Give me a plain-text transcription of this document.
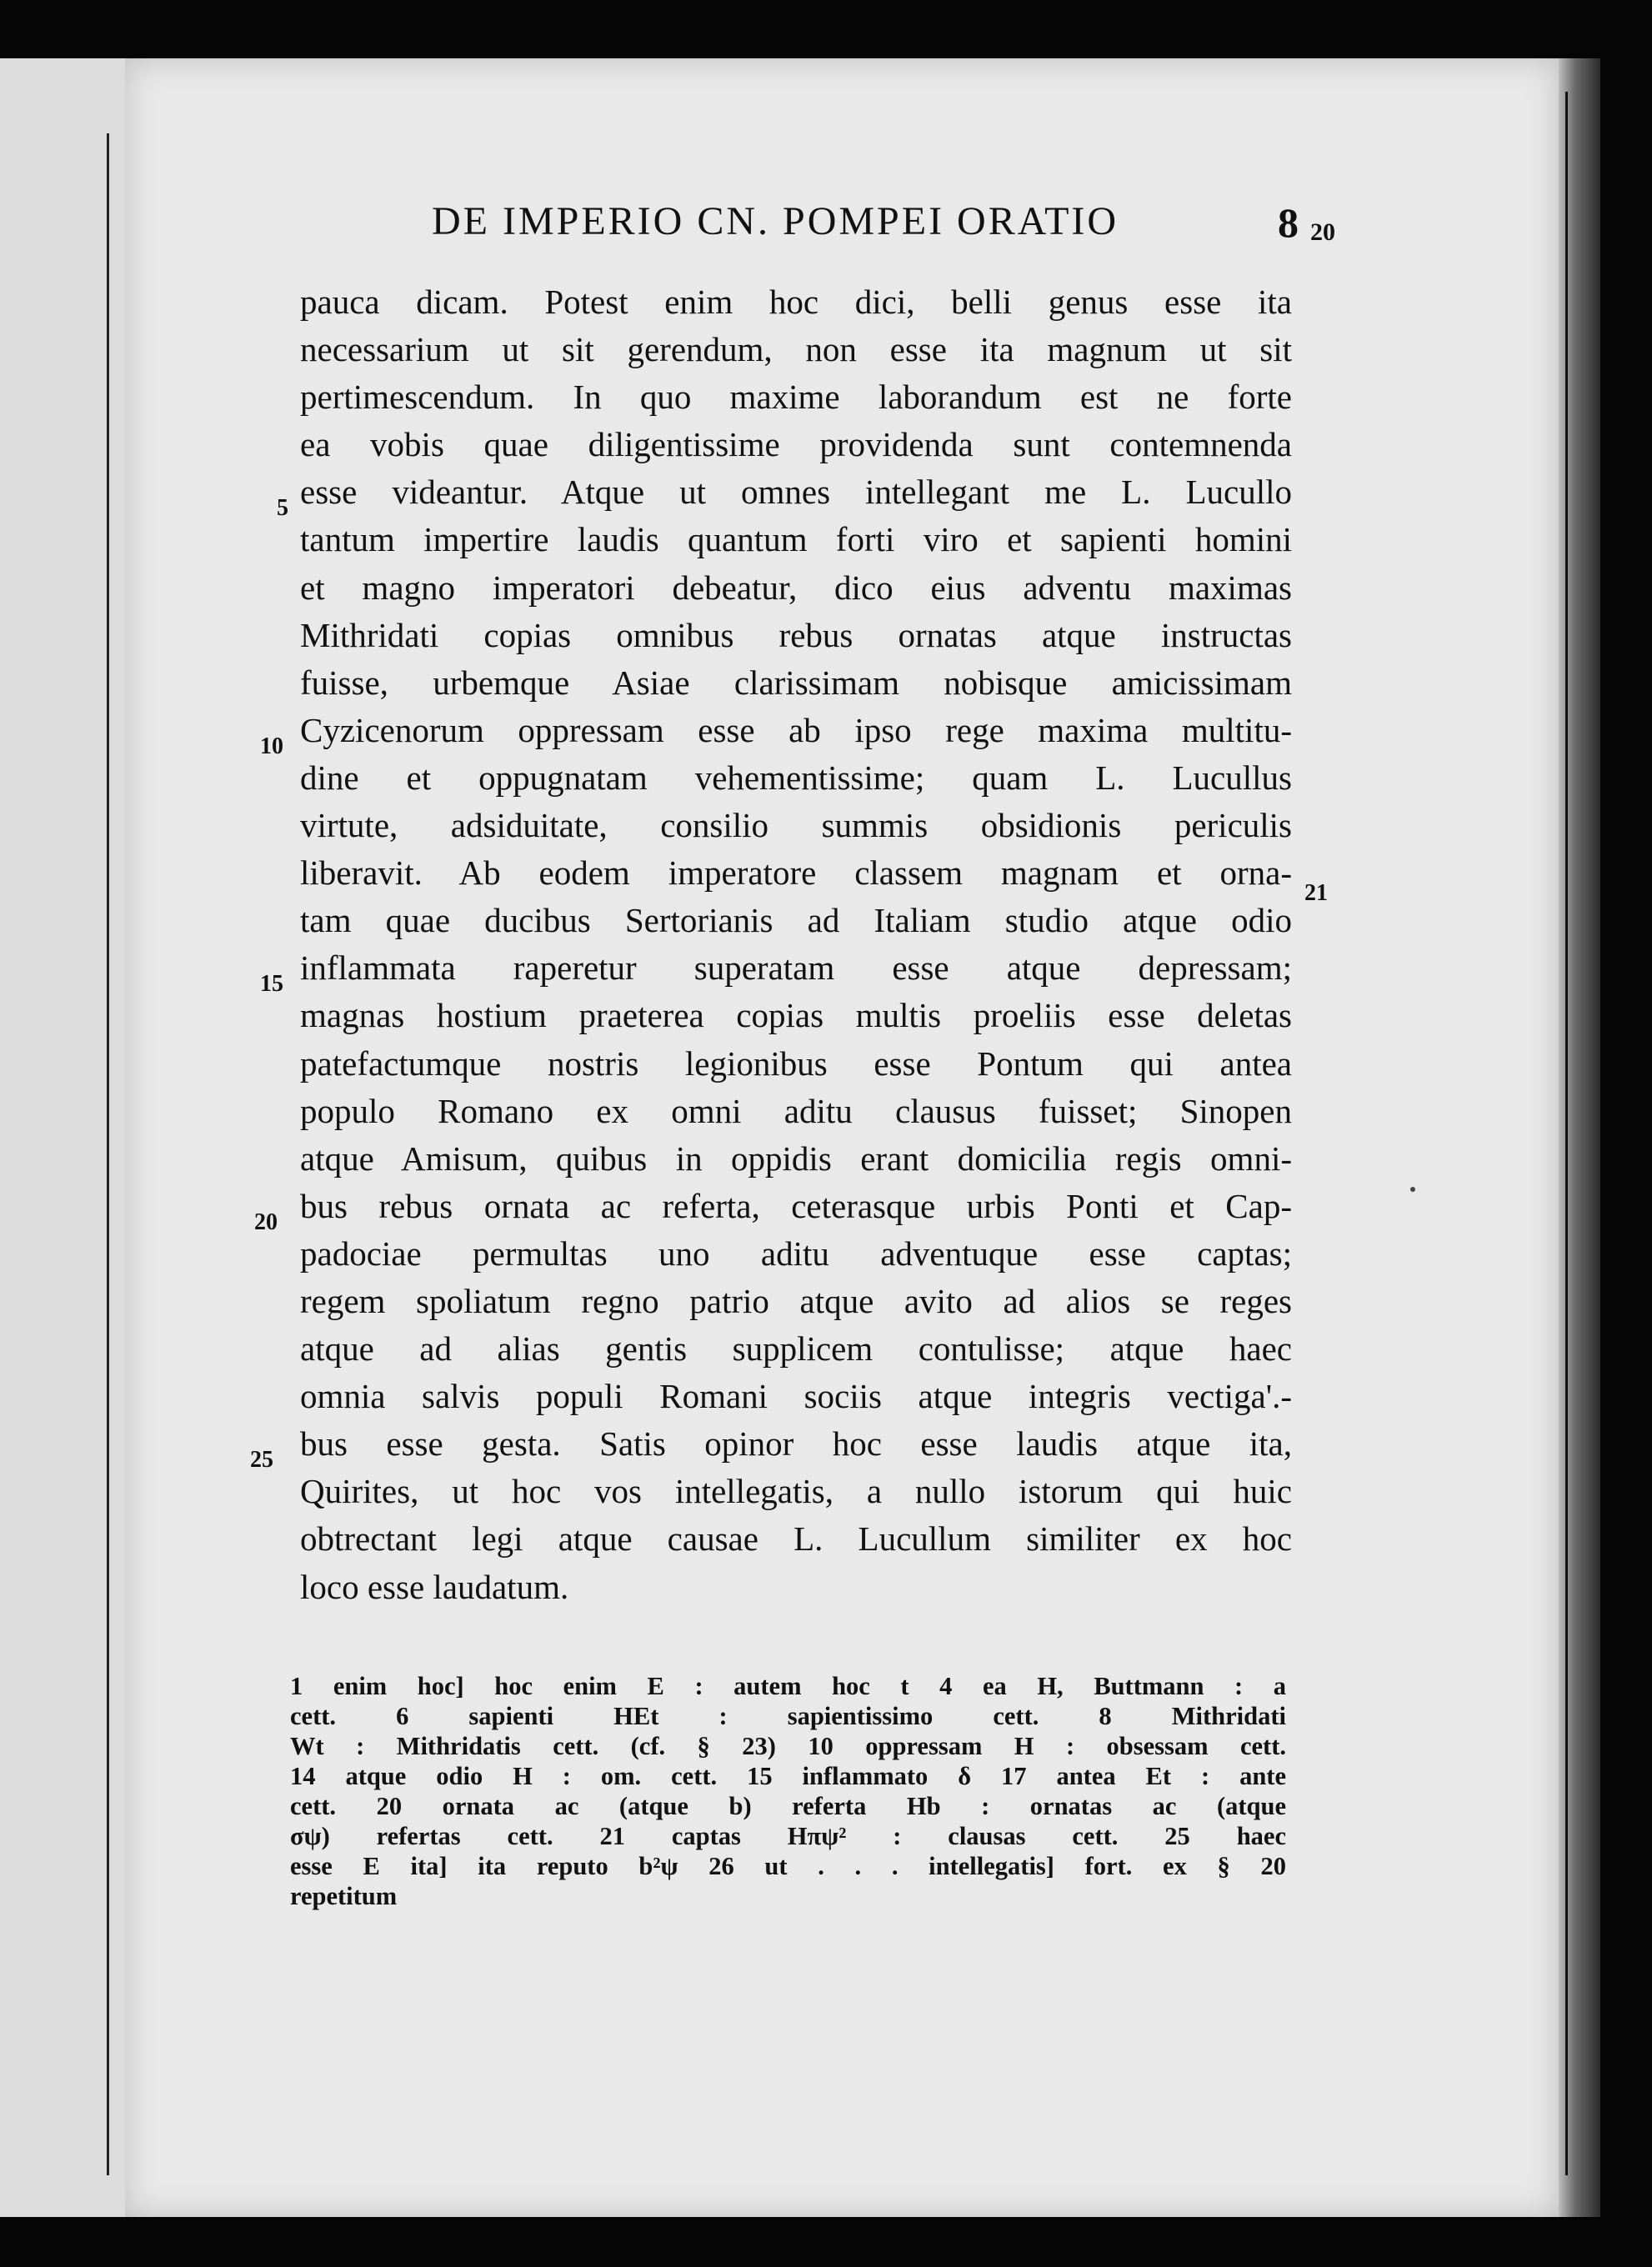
DE IMPERIO CN. POMPEI ORATIO	8 20
pauca dicam. Potest enim hoc dici, belli genus esse ita
necessarium ut sit gerendum, non esse ita magnum ut sit
pertimescendum. In quo maxime laborandum est ne forte
ea vobis quae diligentissime providenda sunt contemnenda
esse videantur. Atque ut omnes intellegant me L. Lucullo
tantum impertire laudis quantum forti viro et sapienti homini
et magno imperatori debeatur, dico eius adventu maximas
Mithridati copias omnibus rebus ornatas atque instructas
fuisse, urbemque Asiae clarissimam nobisque amicissimam
Cyzicenorum oppressam esse ab ipso rege maxima multitu-
dine et oppugnatam vehementissime; quam L. Lucullus
virtute, adsiduitate, consilio summis obsidionis periculis
liberavit. Ab eodem imperatore classem magnam et orna-
tam quae ducibus Sertorianis ad Italiam studio atque odio
inflammata raperetur superatam esse atque depressam;
magnas hostium praeterea copias multis proeliis esse deletas
patefactumque nostris legionibus esse Pontum qui antea
populo Romano ex omni aditu clausus fuisset; Sinopen
atque Amisum, quibus in oppidis erant domicilia regis omni-
bus rebus ornata ac referta, ceterasque urbis Ponti et Cap-
padociae permultas uno aditu adventuque esse captas;
regem spoliatum regno patrio atque avito ad alios se reges
atque ad alias gentis supplicem contulisse; atque haec
omnia salvis populi Romani sociis atque integris vectiga'.-
bus esse gesta. Satis opinor hoc esse laudis atque ita,
Quirites, ut hoc vos intellegatis, a nullo istorum qui huic
obtrectant legi atque causae L. Lucullum similiter ex hoc
loco esse laudatum.
5
10
15
20
25
21
1 enim hoc] hoc enim E : autem hoc t 4 ea H, Buttmann : a
cett. 6 sapienti HEt : sapientissimo cett. 8 Mithridati
Wt : Mithridatis cett. (cf. § 23) 10 oppressam H : obsessam cett.
14 atque odio H : om. cett. 15 inflammato δ 17 antea Et : ante
cett. 20 ornata ac (atque b) referta Hb : ornatas ac (atque
σψ) refertas cett. 21 captas Hπψ² : clausas cett. 25 haec
esse E ita] ita reputo b²ψ 26 ut . . . intellegatis] fort. ex § 20
repetitum
